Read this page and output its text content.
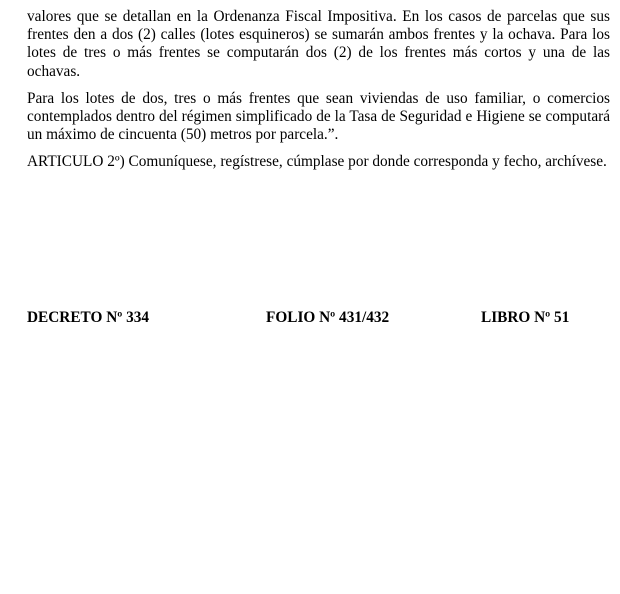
valores que se detallan en la Ordenanza Fiscal Impositiva. En los casos de parcelas que sus frentes den a dos (2) calles (lotes esquineros) se sumarán ambos frentes y la ochava. Para los lotes de tres o más frentes se computarán dos (2) de los frentes más cortos y una de las ochavas.

Para los lotes de dos, tres o más frentes que sean viviendas de uso familiar, o comercios contemplados dentro del régimen simplificado de la Tasa de Seguridad e Higiene se computará un máximo de cincuenta (50) metros por parcela.”.

ARTICULO 2º) Comuníquese, regístrese, cúmplase por donde corresponda y fecho, archívese.

DECRETO Nº 334	FOLIO Nº 431/432	LIBRO Nº 51
